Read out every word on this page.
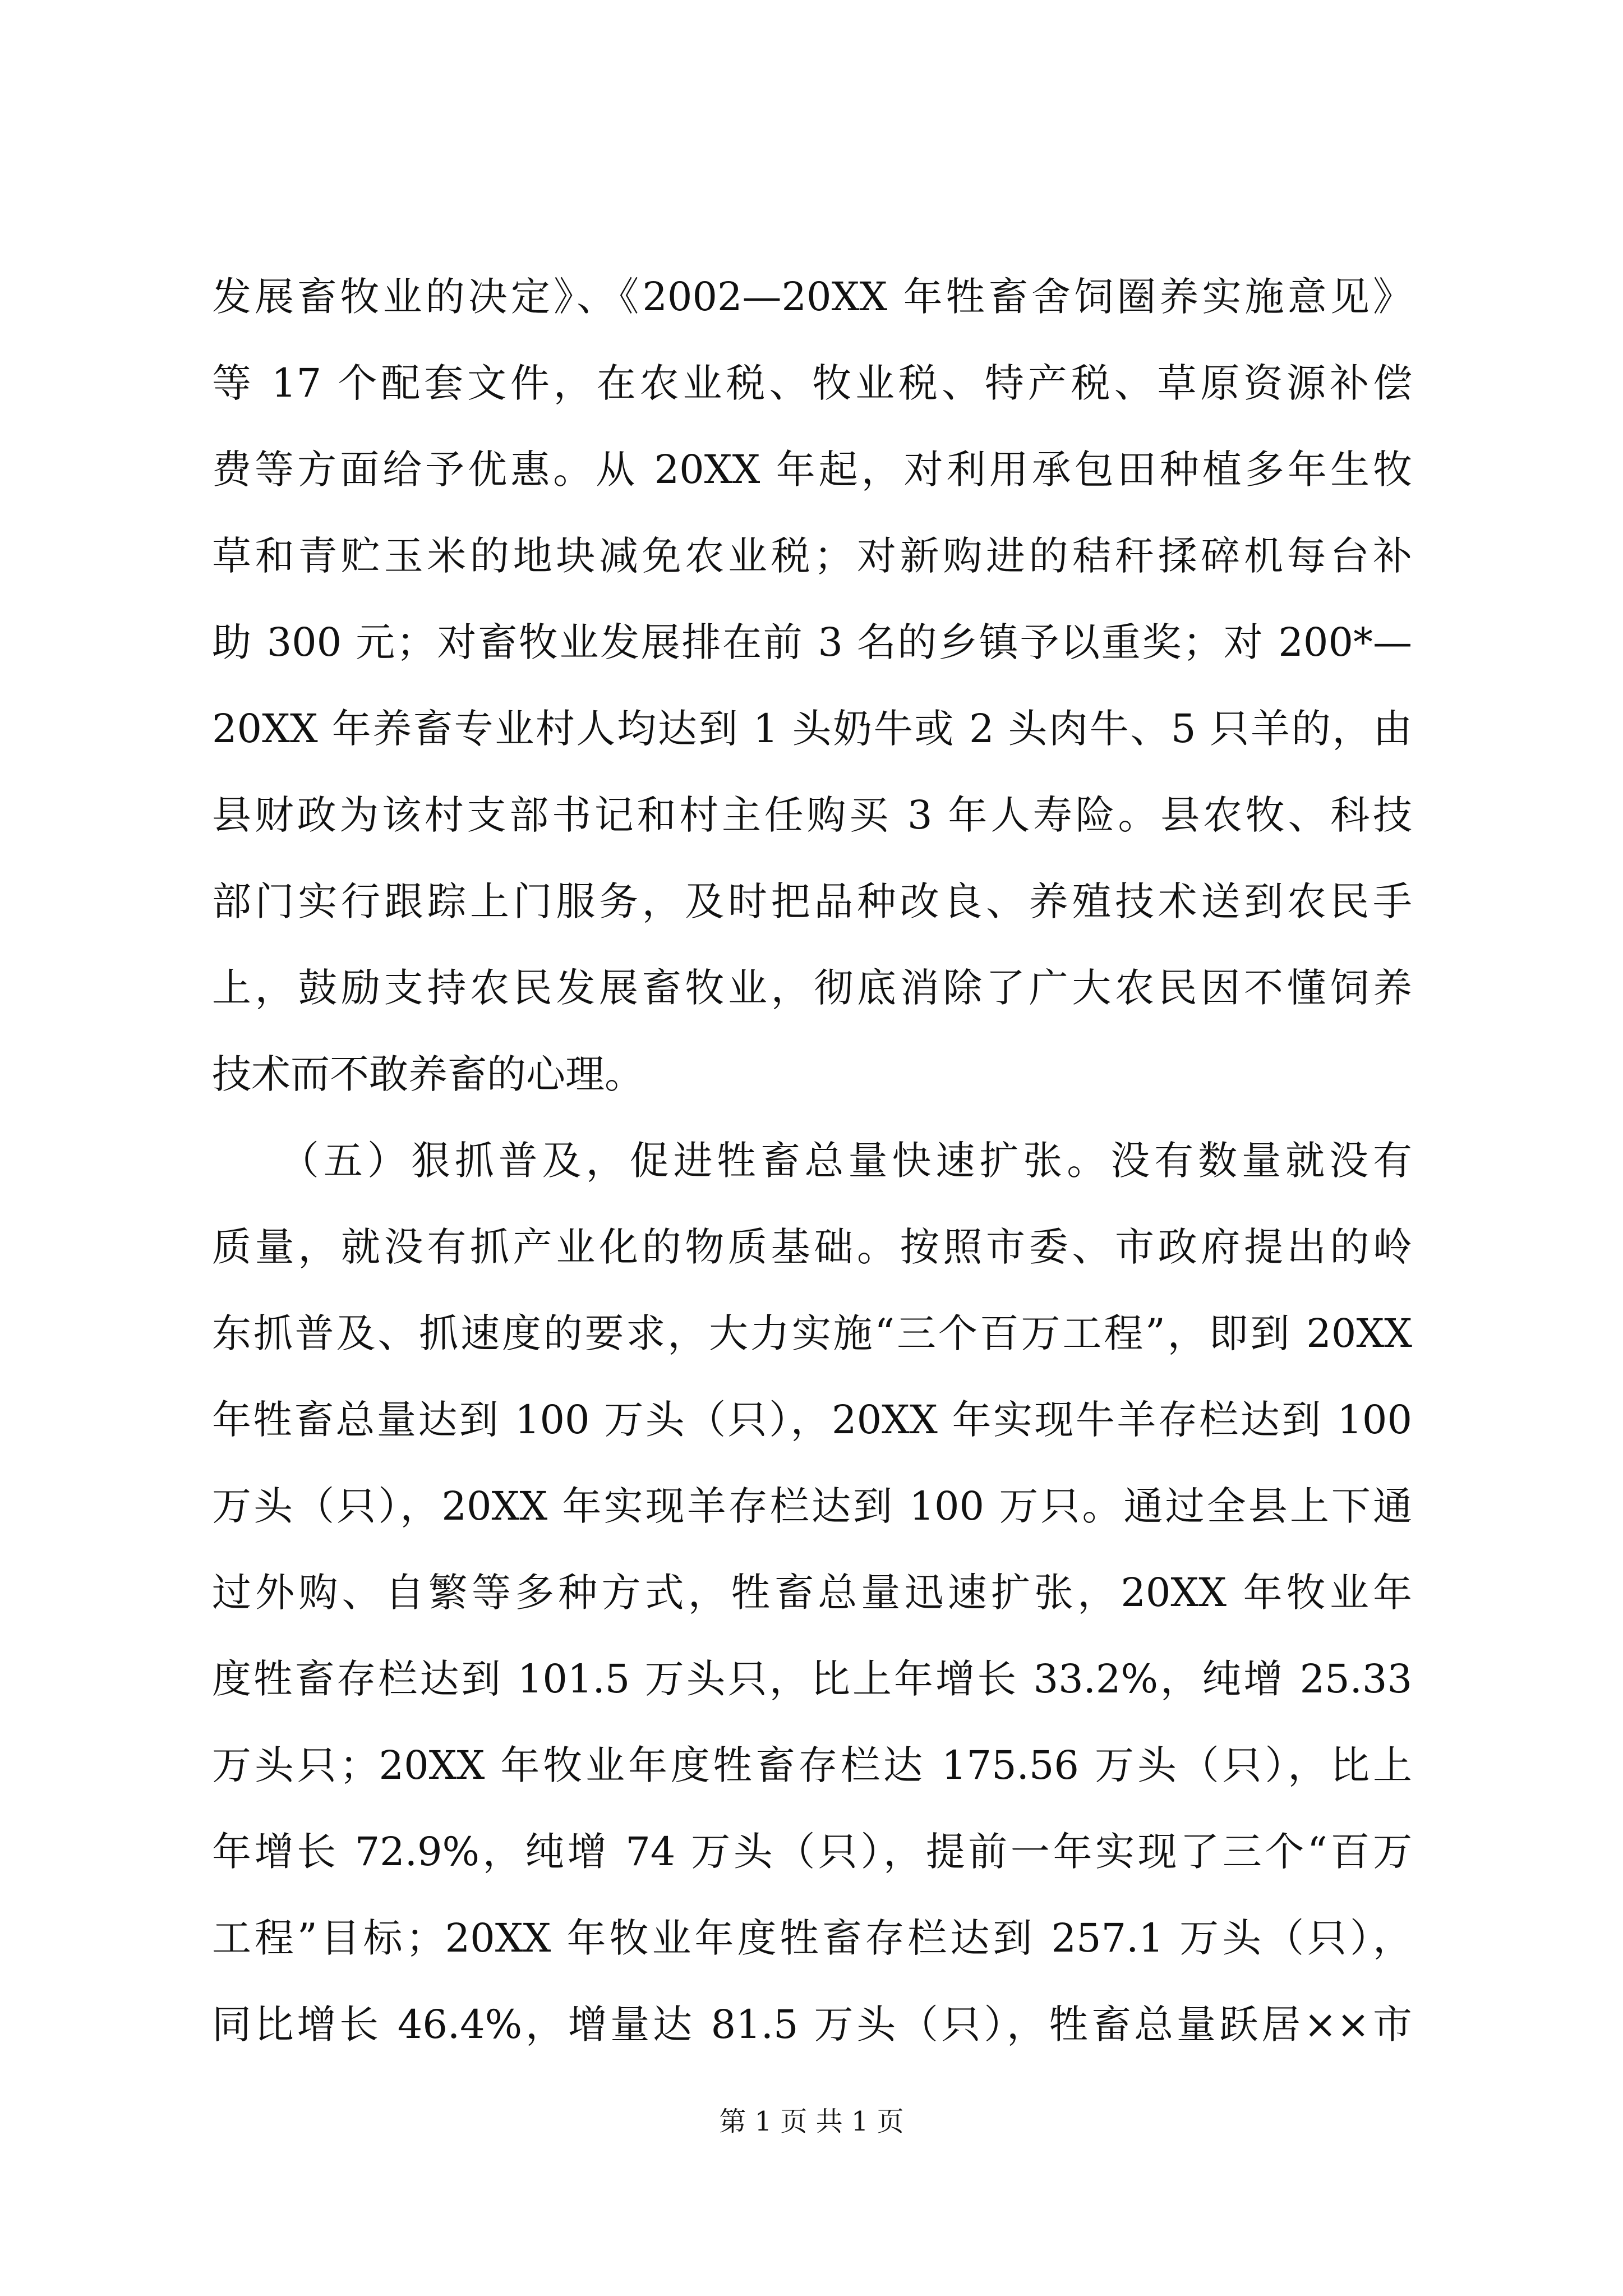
发展畜牧业的决定》、《2002—20XX 年牲畜舍饲圈养实施意见》
等 17 个配套文件，在农业税、牧业税、特产税、草原资源补偿
费等方面给予优惠。从 20XX 年起，对利用承包田种植多年生牧
草和青贮玉米的地块减免农业税；对新购进的秸秆揉碎机每台补
助 300 元；对畜牧业发展排在前 3 名的乡镇予以重奖；对 200*—
20XX 年养畜专业村人均达到 1 头奶牛或 2 头肉牛、5 只羊的，由
县财政为该村支部书记和村主任购买 3 年人寿险。县农牧、科技
部门实行跟踪上门服务，及时把品种改良、养殖技术送到农民手
上，鼓励支持农民发展畜牧业，彻底消除了广大农民因不懂饲养
技术而不敢养畜的心理。
　　（五）狠抓普及，促进牲畜总量快速扩张。没有数量就没有
质量，就没有抓产业化的物质基础。按照市委、市政府提出的岭
东抓普及、抓速度的要求，大力实施“三个百万工程”，即到 20XX
年牲畜总量达到 100 万头（只），20XX 年实现牛羊存栏达到 100
万头（只），20XX 年实现羊存栏达到 100 万只。通过全县上下通
过外购、自繁等多种方式，牲畜总量迅速扩张，20XX 年牧业年
度牲畜存栏达到 101.5 万头只，比上年增长 33.2%，纯增 25.33
万头只；20XX 年牧业年度牲畜存栏达 175.56 万头（只），比上
年增长 72.9%，纯增 74 万头（只），提前一年实现了三个“百万
工程”目标；20XX 年牧业年度牲畜存栏达到 257.1 万头（只），
同比增长 46.4%，增量达 81.5 万头（只），牲畜总量跃居××市
第 1 页 共 1 页
